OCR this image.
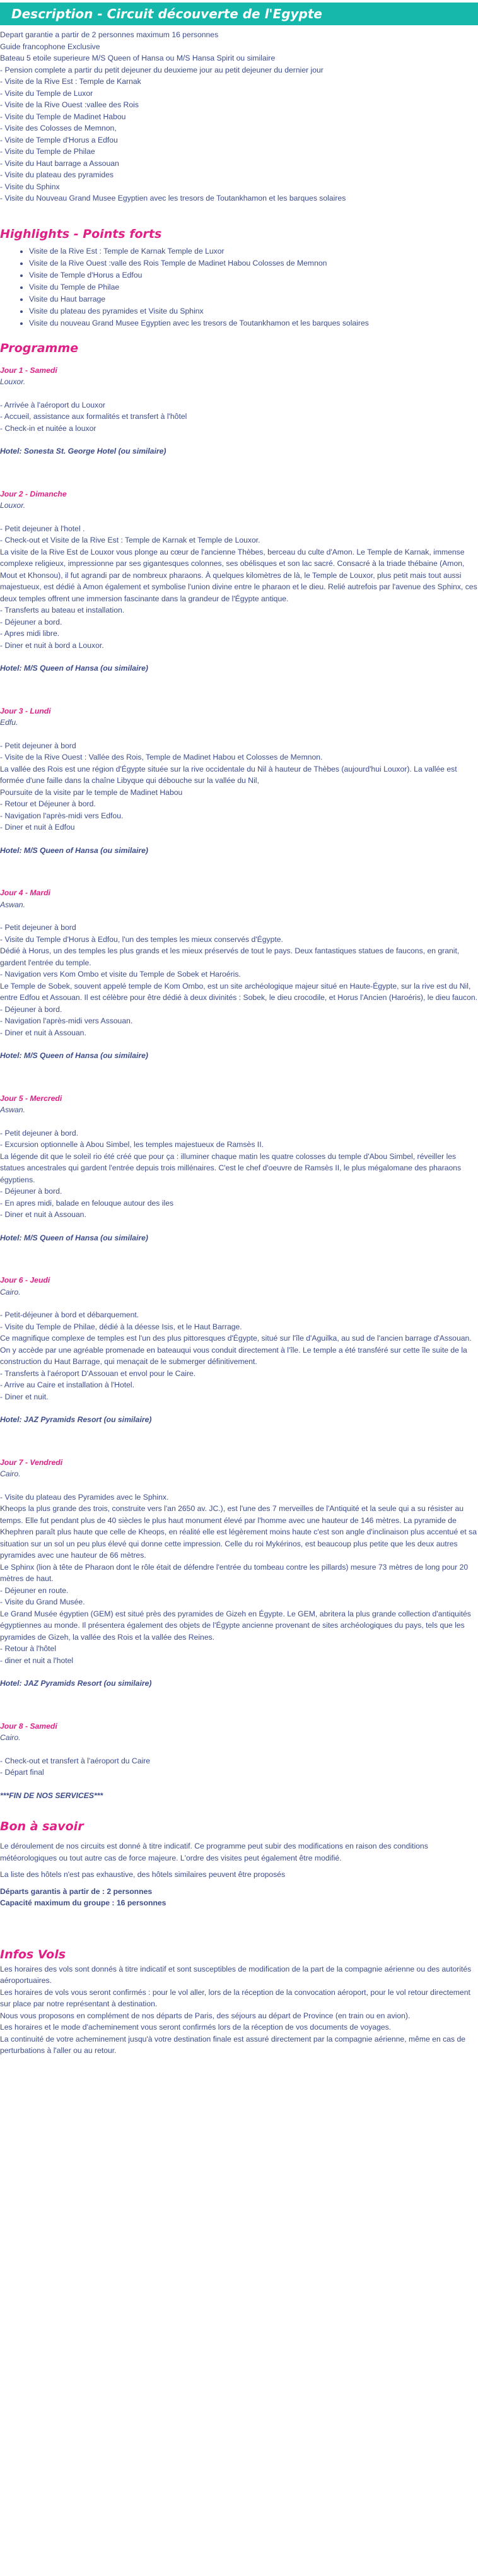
Description - Circuit découverte de l'Egypte
Depart garantie a partir de 2 personnes maximum 16 personnes
Guide francophone Exclusive
Bateau 5 etoile superieure M/S Queen of Hansa ou M/S Hansa Spirit ou similaire
- Pension complete a partir du petit dejeuner du deuxieme jour au petit dejeuner du dernier jour
- Visite de la Rive Est : Temple de Karnak
- Visite du Temple de Luxor
- Visite de la Rive Ouest :vallee des Rois
- Visite du Temple de Madinet Habou
- Visite des Colosses de Memnon,
- Visite de Temple d'Horus a Edfou
- Visite du Temple de Philae
- Visite du Haut barrage a Assouan
- Visite du plateau des pyramides
- Visite du Sphinx
- Visite du Nouveau Grand Musee Egyptien avec les tresors de Toutankhamon et les barques solaires
Highlights - Points forts
• Visite de la Rive Est : Temple de Karnak Temple de Luxor
• Visite de la Rive Ouest :valle des Rois Temple de Madinet Habou Colosses de Memnon
• Visite de Temple d'Horus a Edfou
• Visite du Temple de Philae
• Visite du Haut barrage
• Visite du plateau des pyramides et Visite du Sphinx
• Visite du nouveau Grand Musee Egyptien avec les tresors de Toutankhamon et les barques solaires
Programme
Jour 1 - Samedi
Louxor.
- Arrivée à l'aéroport du Louxor
- Accueil, assistance aux formalités et transfert à l'hôtel
- Check-in et nuitée a louxor
Hotel: Sonesta St. George Hotel (ou similaire)
Jour 2 - Dimanche
Louxor.
- Petit dejeuner à l'hotel .
- Check-out et Visite de la Rive Est : Temple de Karnak et Temple de Louxor.
La visite de la Rive Est de Louxor vous plonge au cœur de l'ancienne Thèbes, berceau du culte d'Amon. Le Temple de Karnak, immense complexe religieux, impressionne par ses gigantesques colonnes, ses obélisques et son lac sacré. Consacré à la triade thébaine (Amon, Mout et Khonsou), il fut agrandi par de nombreux pharaons. À quelques kilomètres de là, le Temple de Louxor, plus petit mais tout aussi majestueux, est dédié à Amon également et symbolise l'union divine entre le pharaon et le dieu. Relié autrefois par l'avenue des Sphinx, ces deux temples offrent une immersion fascinante dans la grandeur de l'Égypte antique.
- Transferts au bateau et installation.
- Déjeuner a bord.
- Apres midi libre.
- Diner et nuit à bord a Louxor.
Hotel: M/S Queen of Hansa (ou similaire)
Jour 3 - Lundi
Edfu.
- Petit dejeuner à bord
- Visite de la Rive Ouest : Vallée des Rois, Temple de Madinet Habou et Colosses de Memnon.
La vallée des Rois est une région d'Égypte située sur la rive occidentale du Nil à hauteur de Thèbes (aujourd'hui Louxor). La vallée est formée d'une faille dans la chaîne Libyque qui débouche sur la vallée du Nil,
Poursuite de la visite par le temple de Madinet Habou
- Retour et Déjeuner à bord.
- Navigation l'après-midi vers Edfou.
- Diner et nuit à Edfou
Hotel: M/S Queen of Hansa (ou similaire)
Jour 4 - Mardi
Aswan.
- Petit dejeuner à bord
- Visite du Temple d'Horus à Edfou, l'un des temples les mieux conservés d'Égypte.
Dédié à Horus, un des temples les plus grands et les mieux préservés de tout le pays. Deux fantastiques statues de faucons, en granit, gardent l'entrée du temple.
- Navigation vers Kom Ombo et visite du Temple de Sobek et Haroéris.
Le Temple de Sobek, souvent appelé temple de Kom Ombo, est un site archéologique majeur situé en Haute-Égypte, sur la rive est du Nil, entre Edfou et Assouan. Il est célèbre pour être dédié à deux divinités : Sobek, le dieu crocodile, et Horus l'Ancien (Haroéris), le dieu faucon.
- Déjeuner à bord.
- Navigation l'après-midi vers Assouan.
- Diner et nuit à Assouan.
Hotel: M/S Queen of Hansa (ou similaire)
Jour 5 - Mercredi
Aswan.
- Petit dejeuner à bord.
- Excursion optionnelle à Abou Simbel, les temples majestueux de Ramsès II.
La légende dit que le soleil rio été créé que pour ça : illuminer chaque matin les quatre colosses du temple d'Abou Simbel, réveiller les statues ancestrales qui gardent l'entrée depuis trois millénaires. C'est le chef d'oeuvre de Ramsès II, le plus mégalomane des pharaons égyptiens.
- Déjeuner à bord.
- En apres midi, balade en felouque autour des iles
- Diner et nuit à Assouan.
Hotel: M/S Queen of Hansa (ou similaire)
Jour 6 - Jeudi
Cairo.
- Petit-déjeuner à bord et débarquement.
- Visite du Temple de Philae, dédié à la déesse Isis, et le Haut Barrage.
Ce magnifique complexe de temples est l'un des plus pittoresques d'Égypte, situé sur l'île d'Aguilka, au sud de l'ancien barrage d'Assouan. On y accède par une agréable promenade en bateauqui vous conduit directement à l'île. Le temple a été transféré sur cette île suite de la construction du Haut Barrage, qui menaçait de le submerger définitivement.
- Transferts à l'aéroport D'Assouan et envol pour le Caire.
- Arrive au Caire et installation à l'Hotel.
- Diner et nuit.
Hotel: JAZ Pyramids Resort (ou similaire)
Jour 7 - Vendredi
Cairo.
- Visite du plateau des Pyramides avec le Sphinx.
Kheops la plus grande des trois, construite vers l'an 2650 av. JC.), est l'une des 7 merveilles de l'Antiquité et la seule qui a su résister au temps. Elle fut pendant plus de 40 siècles le plus haut monument élevé par l'homme avec une hauteur de 146 mètres. La pyramide de Khephren paraît plus haute que celle de Kheops, en réalité elle est légèrement moins haute c'est son angle d'inclinaison plus accentué et sa situation sur un sol un peu plus élevé qui donne cette impression. Celle du roi Mykérinos, est beaucoup plus petite que les deux autres pyramides avec une hauteur de 66 mètres.
Le Sphinx (lion à tête de Pharaon dont le rôle était de défendre l'entrée du tombeau contre les pillards) mesure 73 mètres de long pour 20 mètres de haut.
- Déjeuner en route.
- Visite du Grand Musée.
Le Grand Musée égyptien (GEM) est situé près des pyramides de Gizeh en Égypte. Le GEM, abritera la plus grande collection d'antiquités égyptiennes au monde. Il présentera également des objets de l'Égypte ancienne provenant de sites archéologiques du pays, tels que les pyramides de Gizeh, la vallée des Rois et la vallée des Reines.
- Retour à l'hôtel
- diner et nuit a l'hotel
Hotel: JAZ Pyramids Resort (ou similaire)
Jour 8 - Samedi
Cairo.
- Check-out et transfert à l'aéroport du Caire
- Départ final
***FIN DE NOS SERVICES***
Bon à savoir
Le déroulement de nos circuits est donné à titre indicatif. Ce programme peut subir des modifications en raison des conditions météorologiques ou tout autre cas de force majeure. L'ordre des visites peut également être modifié.
La liste des hôtels n'est pas exhaustive, des hôtels similaires peuvent être proposés
Départs garantis à partir de : 2 personnes
Capacité maximum du groupe : 16 personnes
Infos Vols
Les horaires des vols sont donnés à titre indicatif et sont susceptibles de modification de la part de la compagnie aérienne ou des autorités aéroportuaires.
Les horaires de vols vous seront confirmés : pour le vol aller, lors de la réception de la convocation aéroport, pour le vol retour directement sur place par notre représentant à destination.
Nous vous proposons en complément de nos départs de Paris, des séjours au départ de Province (en train ou en avion).
Les horaires et le mode d'acheminement vous seront confirmés lors de la réception de vos documents de voyages.
La continuité de votre acheminement jusqu'à votre destination finale est assuré directement par la compagnie aérienne, même en cas de perturbations à l'aller ou au retour.
